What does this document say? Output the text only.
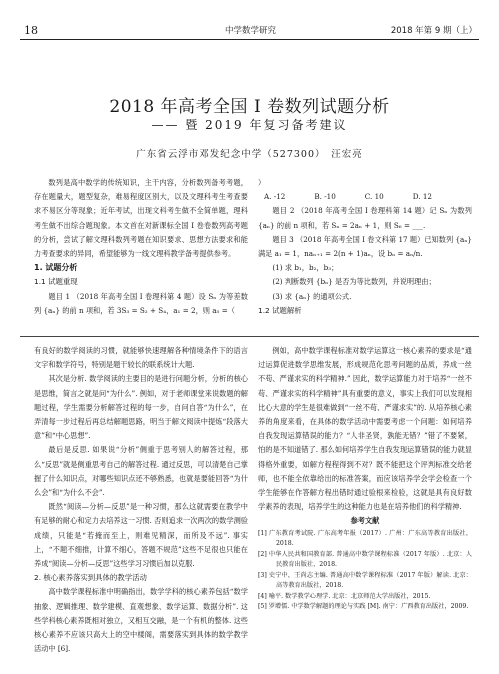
18	中学数学研究	2018 年第 9 期（上）
2018 年高考全国 I 卷数列试题分析
—— 暨 2019 年复习备考建议
广东省云浮市邓发纪念中学（527300）　汪宏亮

数列是高中数学的传统知识，主干内容，分析数列备考考题，存在题量大，题型复杂，难易程度区别大，以及文理科考生考查要求不易区分等现象；近年考试，出现文科考生做不全简单题，理科考生做不出综合题现象。本文首在对新课标全国 I 卷卷数列高考题的分析，尝试了解文理科数列考题在知识要求、思想方法要求和能力考查要求的异同，希望能够为一线文理科教学备考提供参考。

1. 试题分析

1.1 试题重现

题目 1 （2018 年高考全国 I 卷理科第 4 题）设 Sₙ 为等差数列 {aₙ} 的前 n 项和，若 3S₃ = S₂ + S₄，a₁ = 2，则 a₅ =（

）

A. -12	B. -10	C. 10	D. 12

题目 2 （2018 年高考全国 I 卷理科第 14 题）记 Sₙ 为数列 {aₙ} 的前 n 项和，若 Sₙ = 2aₙ + 1，则 S₆ = ___.

题目 3 （2018 年高考全国 I 卷文科第 17 题）已知数列 {aₙ} 满足 a₁ = 1，naₙ₊₁ = 2(n + 1)aₙ，设 bₙ = aₙ/n.

(1) 求 b₁，b₂，b₃；

(2) 判断数列 {bₙ} 是否为等比数列，并说明理由；

(3) 求 {aₙ} 的通项公式.

1.2 试题解析

有良好的数学阅读的习惯，就能够快速理解各种情境条件下的语言文字和数学符号，特别是题干较长的联系统计大题.

其次是分析. 数学阅读的主要目的是进行问题分析，分析的核心是思维，简言之就是问“为什么”. 例如，对于老师课堂来说数题的解题过程，学生需要分析解答过程的每一步，自问自答“为什么”，在弄清每一步过程后再总结解题思路，明当于解文阅读中提炼“段落大意”和“中心思想”.

最后是反思. 如果说“分析”侧重于思考别人的解答过程，那么“反思”就是侧重思考自己的解答过程. 通过反思，可以清楚自己掌握了什么知识点，对哪些知识点还不够熟悉，也就是要能回答“为什么会”和“为什么不会”.

既然“阅读—分析—反思”是一种习惯，那么这就需要在教学中有足够的耐心和定力去培养这一习惯. 否则追求一次两次的数学测验成绩，只能是“若掩而至上，则难见精深，而所及不远”. 事实上，“不题不细推，计算不细心，答题不规范”这些不足很也只能在养成“阅读—分析—反思”这些学习习惯后加以克服.

2. 核心素养落实到具体的教学活动

高中数学课程标准中明确指出，数学学科的核心素养包括“数学抽象、逻辑推理、数学建模、直观想象、数学运算、数据分析”. 这些学科核心素养既相对独立，又相互交融，是一个有机的整体. 这些核心素养不应该只高大上的空中楼阁，需要落实到具体的数学教学活动中 [6].

例如，高中数学课程标准对数学运算这一核心素养的要求是“通过运算促进数学思维发展，形成规范化思考问题的品质，养成一丝不苟、严谨求实的科学精神.” 因此，数学运算能力对于培养“一丝不苟、严谨求实的科学精神”具有重要的意义，事实上我们可以发现相比心大意的学生是很难做到“一丝不苟、严谨求实”的. 从培养核心素养的角度来看，在具体的数学活动中需要考虑一个问题：如何培养自我发现运算错误的能力？“人非圣贤，孰能无错？”错了不要紧，怕的是不知道错了. 那么如何培养学生自我发现运算错误的能力就显得格外重要，如解方程程得到不对？既不能把这个评判标准交给老师，也不能全依靠给出的标准答案，而应该培养学会学会检查一个学生能够在作答解方程出错时通过验根来检验，这就是具有良好数学素养的表现，培养学生的这种能力也是在培养他们的科学精神.

参考文献

[1] 广东教育考试院. 广东高考年报（2017）. 广州：广东高等教育出版社，2018.

[2] 中华人民共和国教育部. 普通高中数学课程标准（2017 年版）. 北京：人民教育出版社，2018.

[3] 史宁中，王尚志主编. 普通高中数学课程标准（2017 年版）解读. 北京：高等教育出版社，2018.

[4] 喻平. 数学教学心理学. 北京：北京师范大学出版社，2015.

[5] 罗增儒. 中学数学解题的理论与实践 [M]. 南宁：广西教育出版社，2009.
